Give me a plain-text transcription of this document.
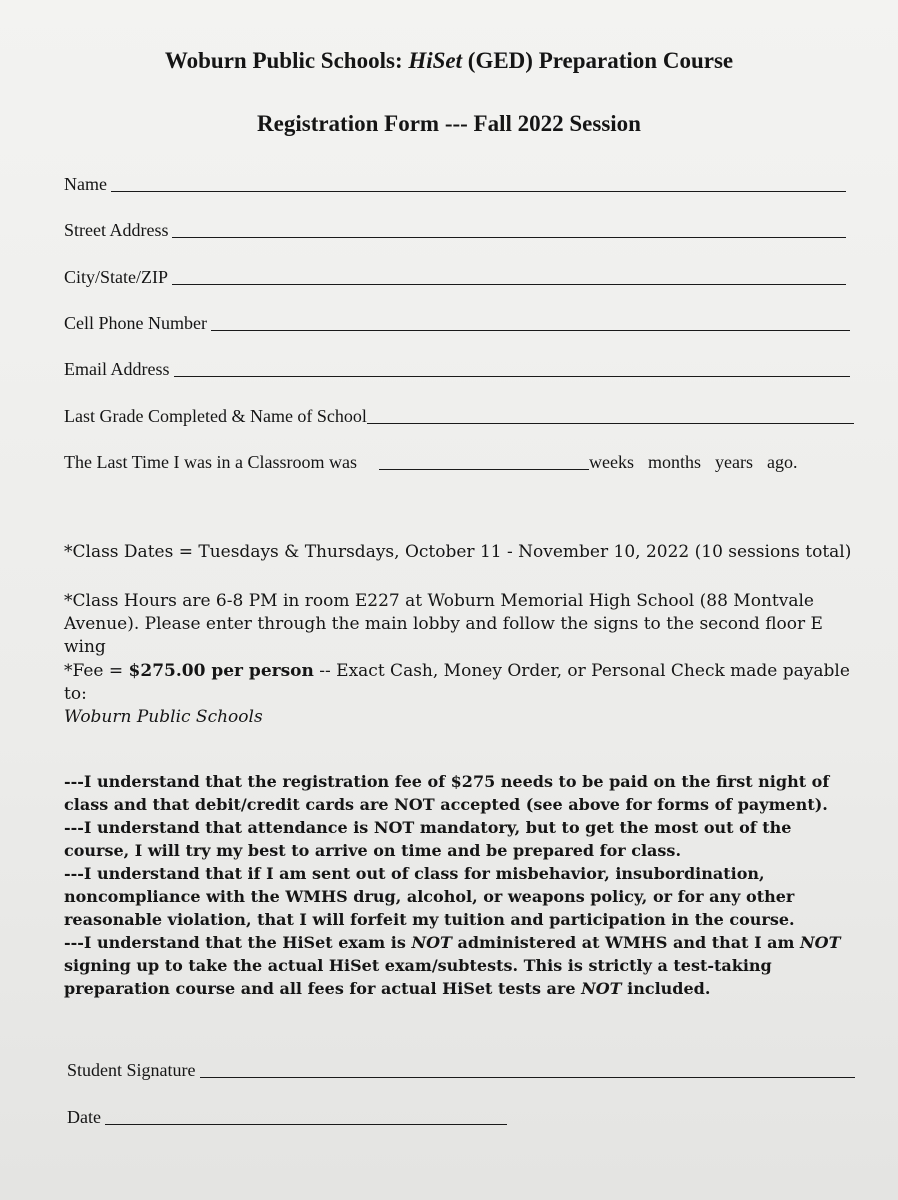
Woburn Public Schools: HiSet (GED) Preparation Course
Registration Form --- Fall 2022 Session
Name
Street Address
City/State/ZIP
Cell Phone Number
Email Address
Last Grade Completed & Name of School
The Last Time I was in a Classroom was	weeks months years ago.
*Class Dates = Tuesdays & Thursdays, October 11 - November 10, 2022 (10 sessions total)
*Class Hours are 6-8 PM in room E227 at Woburn Memorial High School (88 Montvale Avenue). Please enter through the main lobby and follow the signs to the second floor E wing
*Fee = $275.00 per person -- Exact Cash, Money Order, or Personal Check made payable to:
Woburn Public Schools

---I understand that the registration fee of $275 needs to be paid on the first night of class and that debit/credit cards are NOT accepted (see above for forms of payment).

---I understand that attendance is NOT mandatory, but to get the most out of the course, I will try my best to arrive on time and be prepared for class.

---I understand that if I am sent out of class for misbehavior, insubordination, noncompliance with the WMHS drug, alcohol, or weapons policy, or for any other reasonable violation, that I will forfeit my tuition and participation in the course.

---I understand that the HiSet exam is NOT administered at WMHS and that I am NOT signing up to take the actual HiSet exam/subtests. This is strictly a test-taking preparation course and all fees for actual HiSet tests are NOT included.

Student Signature
Date
